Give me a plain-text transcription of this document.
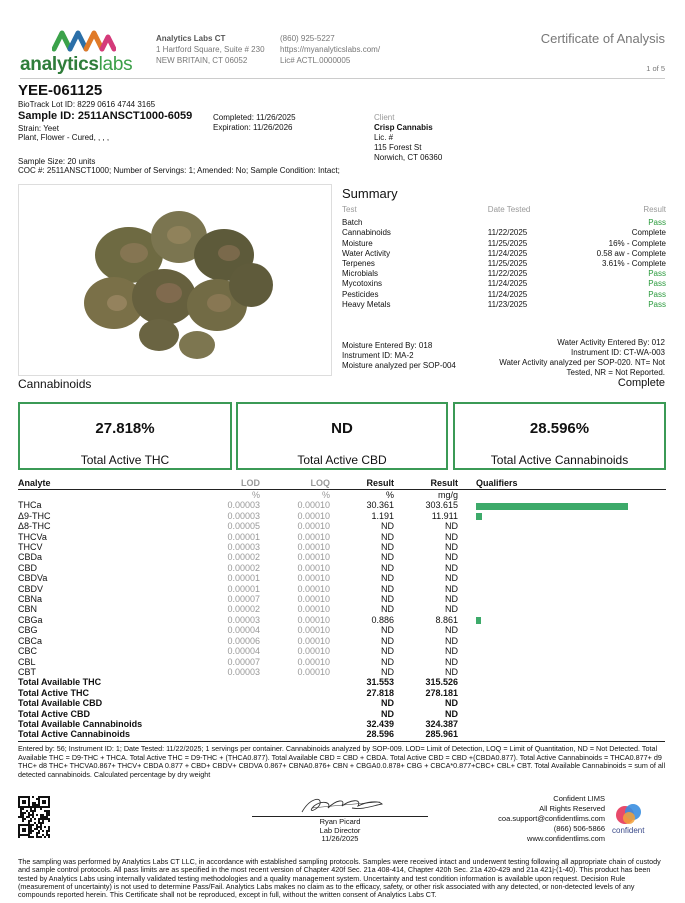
analyticslabs
Analytics Labs CT
1 Hartford Square, Suite # 230
NEW BRITAIN, CT 06052
(860) 925-5227
https://myanalyticslabs.com/
Lic# ACTL.0000005
Certificate of Analysis
1 of 5
YEE-061125
BioTrack Lot ID: 8229 0616 4744 3165
Sample ID: 2511ANSCT1000-6059
Strain: Yeet
Plant, Flower - Cured, , , ,
Completed: 11/26/2025
Expiration: 11/26/2026
Client
Crisp Cannabis
Lic. #
115 Forest St
Norwich, CT 06360
Sample Size: 20 units
COC #: 2511ANSCT1000; Number of Servings: 1; Amended: No; Sample Condition: Intact;
Summary
Test	Date Tested	Result
Batch		Pass
Cannabinoids	11/22/2025	Complete
Moisture	11/25/2025	16% - Complete
Water Activity	11/24/2025	0.58 aw - Complete
Terpenes	11/25/2025	3.61% - Complete
Microbials	11/22/2025	Pass
Mycotoxins	11/24/2025	Pass
Pesticides	11/24/2025	Pass
Heavy Metals	11/23/2025	Pass
Moisture Entered By: 018
Instrument ID: MA-2
Moisture analyzed per SOP-004
Water Activity Entered By: 012
Instrument ID: CT-WA-003
Water Activity analyzed per SOP-020. NT= Not
Tested, NR = Not Reported.
Cannabinoids	Complete
27.818%
Total Active THC
ND
Total Active CBD
28.596%
Total Active Cannabinoids
Analyte	LOD	LOQ	Result	Result		Qualifiers
	%	%	%	mg/g		
THCa	0.00003	0.00010	30.361	303.615		
Δ9-THC	0.00003	0.00010	1.191	11.911		
Δ8-THC	0.00005	0.00010	ND	ND		
THCVa	0.00001	0.00010	ND	ND		
THCV	0.00003	0.00010	ND	ND		
CBDa	0.00002	0.00010	ND	ND		
CBD	0.00002	0.00010	ND	ND		
CBDVa	0.00001	0.00010	ND	ND		
CBDV	0.00001	0.00010	ND	ND		
CBNa	0.00007	0.00010	ND	ND		
CBN	0.00002	0.00010	ND	ND		
CBGa	0.00003	0.00010	0.886	8.861		
CBG	0.00004	0.00010	ND	ND		
CBCa	0.00006	0.00010	ND	ND		
CBC	0.00004	0.00010	ND	ND		
CBL	0.00007	0.00010	ND	ND		
CBT	0.00003	0.00010	ND	ND		
Total Available THC			31.553	315.526		
Total Active THC			27.818	278.181		
Total Available CBD			ND	ND		
Total Active CBD			ND	ND		
Total Available Cannabinoids			32.439	324.387		
Total Active Cannabinoids			28.596	285.961		
Entered by: 56; Instrument ID: 1; Date Tested: 11/22/2025; 1 servings per container. Cannabinoids analyzed by SOP-009. LOD= Limit of Detection, LOQ = Limit of Quantitation, ND = Not Detected. Total Available THC = D9-THC + THCA. Total Active THC = D9-THC + (THCA0.877). Total Available CBD = CBD + CBDA. Total Active CBD = CBD +(CBDA0.877). Total Active Cannabinoids = THCA0.877+ d9 THC+ d8 THC+ THCVA0.867+ THCV+ CBDA 0.877 + CBD+ CBDV+ CBDVA 0.867+ CBNA0.876+ CBN + CBGA0.0.878+ CBG + CBCA*0.877+CBC+ CBL+ CBT. Total Available Cannabinoids = sum of all detected cannabinoids. Calculated percentage by dry weight
Ryan Picard
Lab Director
11/26/2025
Confident LIMS
All Rights Reserved
coa.support@confidentlims.com
(866) 506-5866
www.confidentlims.com
confident
The sampling was performed by Analytics Labs CT LLC, in accordance with established sampling protocols. Samples were received intact and underwent testing following all appropriate chain of custody and sample control protocols. All pass limits are as specified in the most recent version of Chapter 420f Sec. 21a 408-414, Chapter 420h Sec. 21a 420-429 and 21a 421j-(1-40). This product has been tested by Analytics Labs using internally validated testing methodologies and a quality management system. Uncertainty and test condition information is available upon request. Decision Rule (measurement of uncertainty) is not used to determine Pass/Fail. Analytics Labs makes no claim as to the efficacy, safety, or other risk associated with any detected, or non-detected levels of any compounds reported herein. This Certificate shall not be reproduced, except in full, without the written consent of Analytics Labs CT.
